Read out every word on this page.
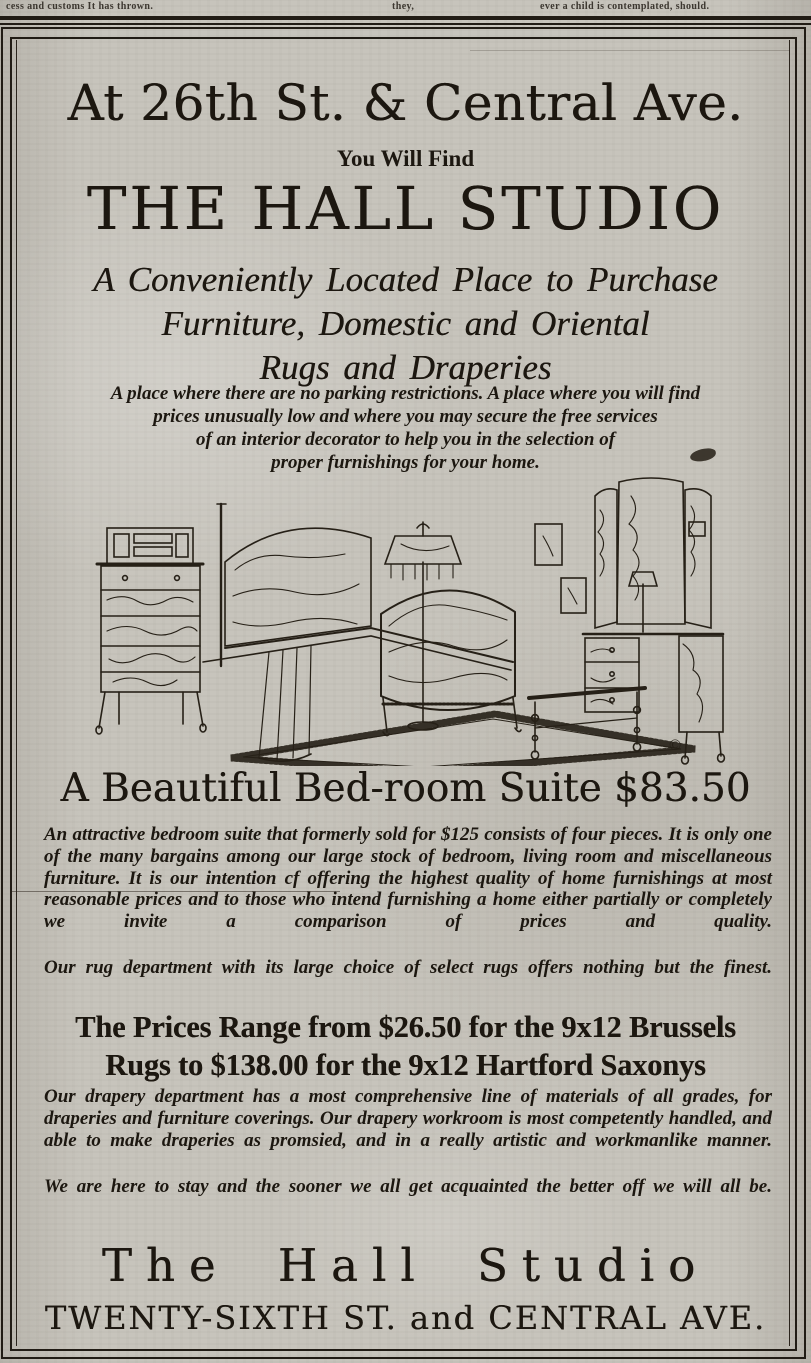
cess and customs It has thrown.	they,	ever a child is contemplated, should.
At 26th St. & Central Ave.
You Will Find
THE HALL STUDIO
A Conveniently Located Place to Purchase
Furniture, Domestic and Oriental
Rugs and Draperies
A place where there are no parking restrictions. A place where you will find
prices unusually low and where you may secure the free services
of an interior decorator to help you in the selection of
proper furnishings for your home.
©
A Beautiful Bed-room Suite $83.50
An attractive bedroom suite that formerly sold for $125 consists of four pieces. It is only one of the many bargains among our large stock of bedroom, living room and miscellaneous furniture. It is our intention cf offering the highest quality of home furnishings at most reasonable prices and to those who intend furnishing a home either partially or completely we invite a comparison of prices and quality.
Our rug department with its large choice of select rugs offers nothing but the finest.
The Prices Range from $26.50 for the 9x12 Brussels
Rugs to $138.00 for the 9x12 Hartford Saxonys
Our drapery department has a most comprehensive line of materials of all grades, for draperies and furniture coverings. Our drapery workroom is most competently handled, and able to make draperies as promsied, and in a really artistic and workmanlike manner.
We are here to stay and the sooner we all get acquainted the better off we will all be.
The Hall Studio
TWENTY-SIXTH ST. and CENTRAL AVE.
